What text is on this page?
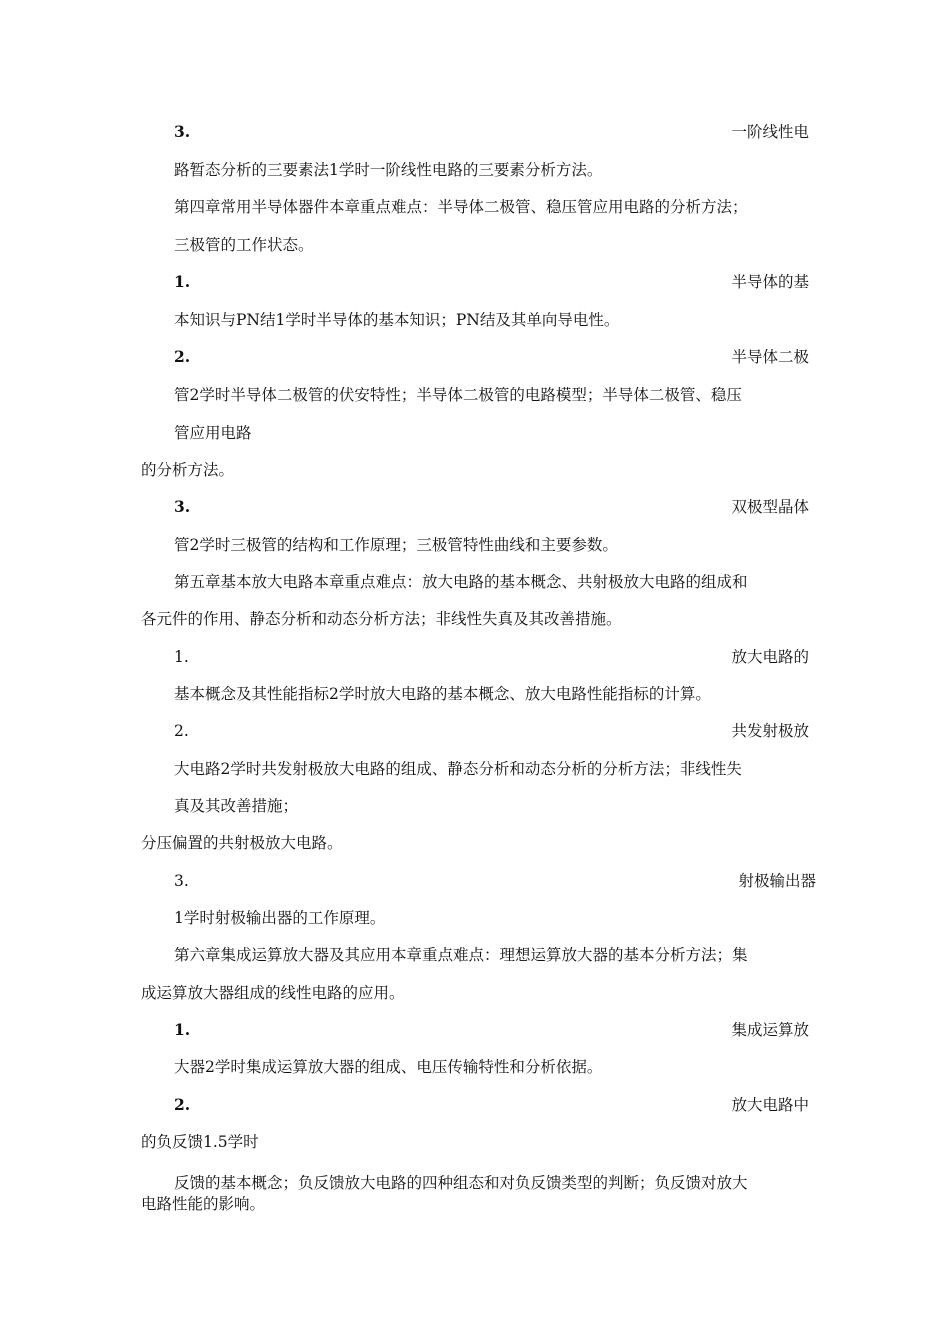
3.	一阶线性电
路暂态分析的三要素法1学时一阶线性电路的三要素分析方法。
第四章常用半导体器件本章重点难点：半导体二极管、稳压管应用电路的分析方法；
三极管的工作状态。
1.	半导体的基
本知识与PN结1学时半导体的基本知识；PN结及其单向导电性。
2.	半导体二极
管2学时半导体二极管的伏安特性；半导体二极管的电路模型；半导体二极管、稳压
管应用电路
的分析方法。
3.	双极型晶体
管2学时三极管的结构和工作原理；三极管特性曲线和主要参数。
第五章基本放大电路本章重点难点：放大电路的基本概念、共射极放大电路的组成和
各元件的作用、静态分析和动态分析方法；非线性失真及其改善措施。
1.	放大电路的
基本概念及其性能指标2学时放大电路的基本概念、放大电路性能指标的计算。
2.	共发射极放
大电路2学时共发射极放大电路的组成、静态分析和动态分析的分析方法；非线性失
真及其改善措施；
分压偏置的共射极放大电路。
3.	射极输出器
1学时射极输出器的工作原理。
第六章集成运算放大器及其应用本章重点难点：理想运算放大器的基本分析方法；集
成运算放大器组成的线性电路的应用。
1.	集成运算放
大器2学时集成运算放大器的组成、电压传输特性和分析依据。
2.	放大电路中
的负反馈1.5学时
反馈的基本概念；负反馈放大电路的四种组态和对负反馈类型的判断；负反馈对放大
电路性能的影响。
